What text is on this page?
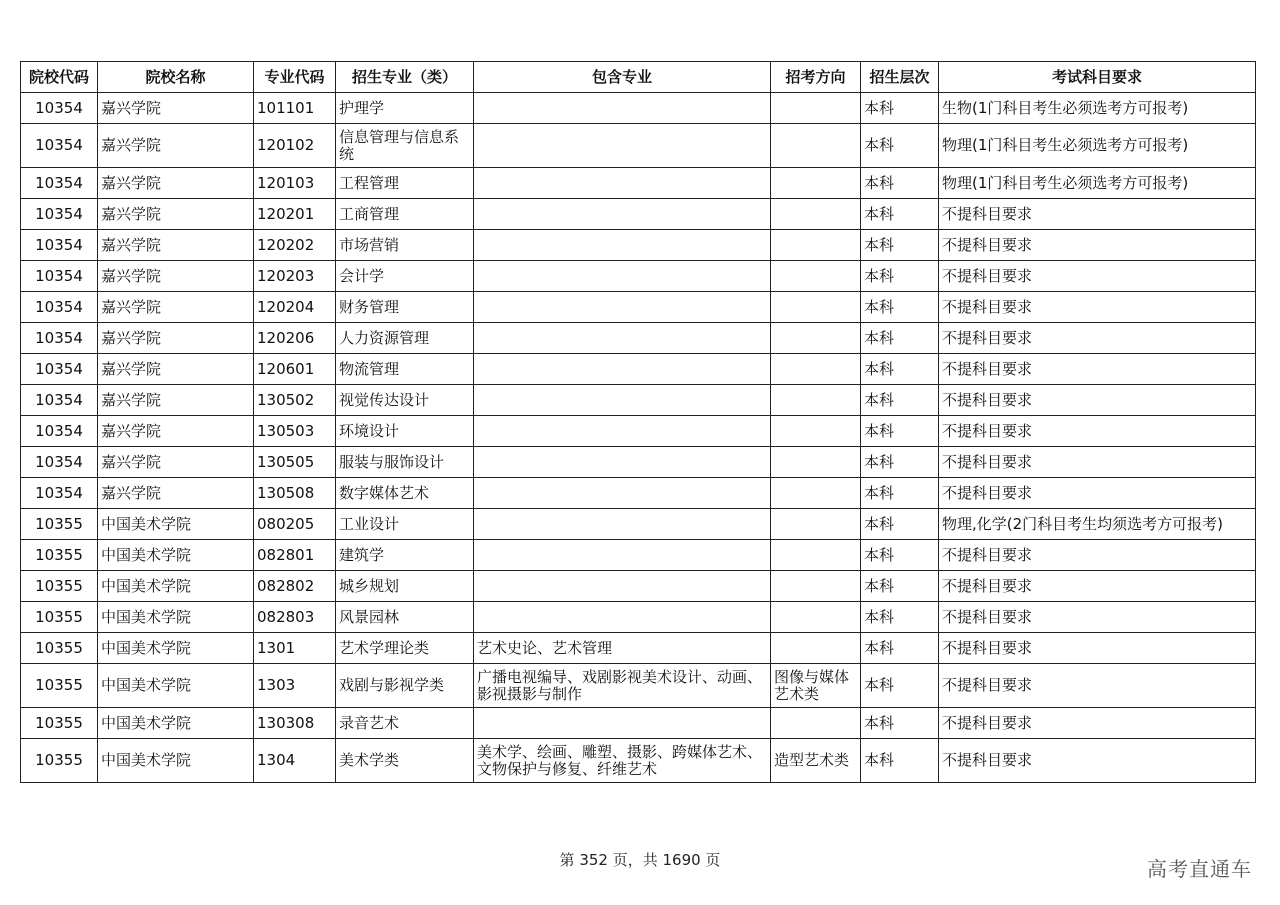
院校代码	院校名称	专业代码	招生专业（类）	包含专业	招考方向	招生层次	考试科目要求
10354	嘉兴学院	101101	护理学			本科	生物(1门科目考生必须选考方可报考)
10354	嘉兴学院	120102	信息管理与信息系统			本科	物理(1门科目考生必须选考方可报考)
10354	嘉兴学院	120103	工程管理			本科	物理(1门科目考生必须选考方可报考)
10354	嘉兴学院	120201	工商管理			本科	不提科目要求
10354	嘉兴学院	120202	市场营销			本科	不提科目要求
10354	嘉兴学院	120203	会计学			本科	不提科目要求
10354	嘉兴学院	120204	财务管理			本科	不提科目要求
10354	嘉兴学院	120206	人力资源管理			本科	不提科目要求
10354	嘉兴学院	120601	物流管理			本科	不提科目要求
10354	嘉兴学院	130502	视觉传达设计			本科	不提科目要求
10354	嘉兴学院	130503	环境设计			本科	不提科目要求
10354	嘉兴学院	130505	服装与服饰设计			本科	不提科目要求
10354	嘉兴学院	130508	数字媒体艺术			本科	不提科目要求
10355	中国美术学院	080205	工业设计			本科	物理,化学(2门科目考生均须选考方可报考)
10355	中国美术学院	082801	建筑学			本科	不提科目要求
10355	中国美术学院	082802	城乡规划			本科	不提科目要求
10355	中国美术学院	082803	风景园林			本科	不提科目要求
10355	中国美术学院	1301	艺术学理论类	艺术史论、艺术管理		本科	不提科目要求
10355	中国美术学院	1303	戏剧与影视学类	广播电视编导、戏剧影视美术设计、动画、影视摄影与制作	图像与媒体艺术类	本科	不提科目要求
10355	中国美术学院	130308	录音艺术			本科	不提科目要求
10355	中国美术学院	1304	美术学类	美术学、绘画、雕塑、摄影、跨媒体艺术、文物保护与修复、纤维艺术	造型艺术类	本科	不提科目要求
第 352 页，共 1690 页	高考直通车
